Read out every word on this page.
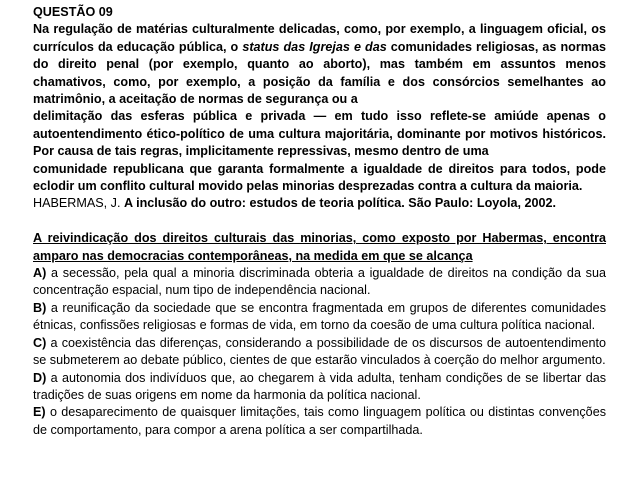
QUESTÃO 09
Na regulação de matérias culturalmente delicadas, como, por exemplo, a linguagem oficial, os currículos da educação pública, o status das Igrejas e das comunidades religiosas, as normas do direito penal (por exemplo, quanto ao aborto), mas também em assuntos menos chamativos, como, por exemplo, a posição da família e dos consórcios semelhantes ao matrimônio, a aceitação de normas de segurança ou a
delimitação das esferas pública e privada — em tudo isso reflete-se amiúde apenas o autoentendimento ético-político de uma cultura majoritária, dominante por motivos históricos. Por causa de tais regras, implicitamente repressivas, mesmo dentro de uma
comunidade republicana que garanta formalmente a igualdade de direitos para todos, pode eclodir um conflito cultural movido pelas minorias desprezadas contra a cultura da maioria.
HABERMAS, J. A inclusão do outro: estudos de teoria política. São Paulo: Loyola, 2002.
A reivindicação dos direitos culturais das minorias, como exposto por Habermas, encontra amparo nas democracias contemporâneas, na medida em que se alcança
A) a secessão, pela qual a minoria discriminada obteria a igualdade de direitos na condição da sua concentração espacial, num tipo de independência nacional.
B) a reunificação da sociedade que se encontra fragmentada em grupos de diferentes comunidades étnicas, confissões religiosas e formas de vida, em torno da coesão de uma cultura política nacional.
C) a coexistência das diferenças, considerando a possibilidade de os discursos de autoentendimento se submeterem ao debate público, cientes de que estarão vinculados à coerção do melhor argumento.
D) a autonomia dos indivíduos que, ao chegarem à vida adulta, tenham condições de se libertar das tradições de suas origens em nome da harmonia da política nacional.
E) o desaparecimento de quaisquer limitações, tais como linguagem política ou distintas convenções de comportamento, para compor a arena política a ser compartilhada.
